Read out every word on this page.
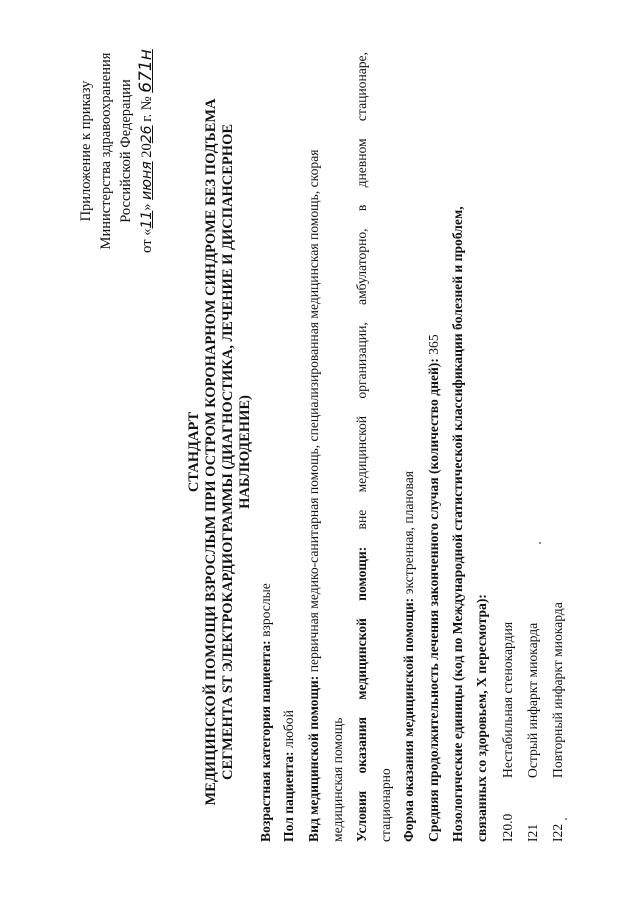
Приложение к приказу Министерства здравоохранения Российской Федерации
от «11» июня 2026 г. № 671н
СТАНДАРТ МЕДИЦИНСКОЙ ПОМОЩИ ВЗРОСЛЫМ ПРИ ОСТРОМ КОРОНАРНОМ СИНДРОМЕ БЕЗ ПОДЪЕМА СЕГМЕНТА ST ЭЛЕКТРОКАРДИОГРАММЫ (ДИАГНОСТИКА, ЛЕЧЕНИЕ И ДИСПАНСЕРНОЕ НАБЛЮДЕНИЕ)
Возрастная категория пациента: взрослые
Пол пациента: любой Вид медицинской помощи: первичная медико-санитарная помощь, специализированная медицинская помощь, скорая
медицинская помощь Условия оказания медицинской помощи: вне медицинской организации, амбулаторно, в дневном стационаре,
стационарно Форма оказания медицинской помощи: экстренная, плановая Средняя продолжительность лечения законченного случая (количество дней): 365 Нозологические единицы (код по Международной статистической классификации болезней и проблем, связанных со здоровьем, X пересмотра): I20.0Нестабильная стенокардия
I21Острый инфаркт миокарда
I22Повторный инфаркт миокарда
